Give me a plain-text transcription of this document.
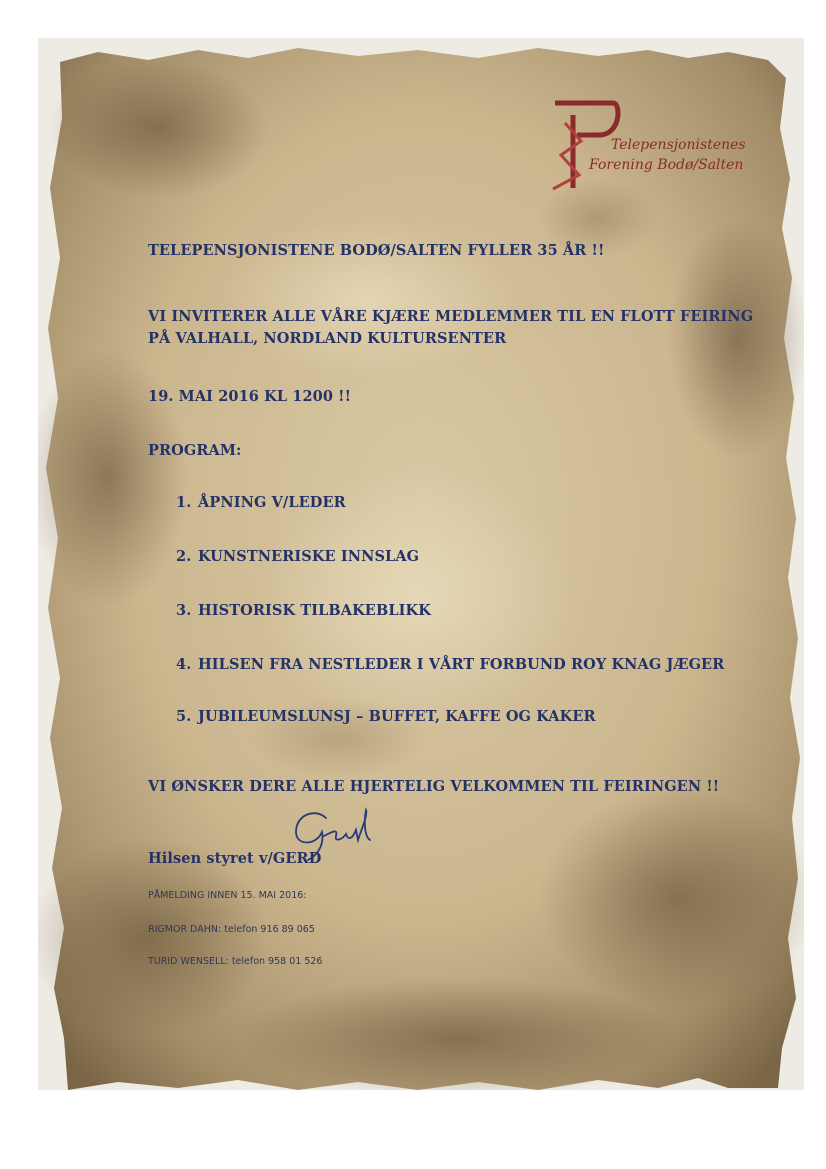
Telepensjonistenes
Forening Bodø/Salten
TELEPENSJONISTENE BODØ/SALTEN FYLLER 35 ÅR !!
VI INVITERER ALLE VÅRE KJÆRE MEDLEMMER TIL EN FLOTT FEIRING
PÅ VALHALL, NORDLAND KULTURSENTER
19. MAI 2016 KL 1200 !!
PROGRAM:
1. ÅPNING V/LEDER
2. KUNSTNERISKE INNSLAG
3. HISTORISK TILBAKEBLIKK
4. HILSEN FRA NESTLEDER I VÅRT FORBUND ROY KNAG JÆGER
5. JUBILEUMSLUNSJ – BUFFET, KAFFE OG KAKER
VI ØNSKER DERE ALLE HJERTELIG VELKOMMEN TIL FEIRINGEN !!
Hilsen styret v/GERD
PÅMELDING INNEN 15. MAI 2016:
RIGMOR DAHN: telefon 916 89 065
TURID WENSELL: telefon 958 01 526
